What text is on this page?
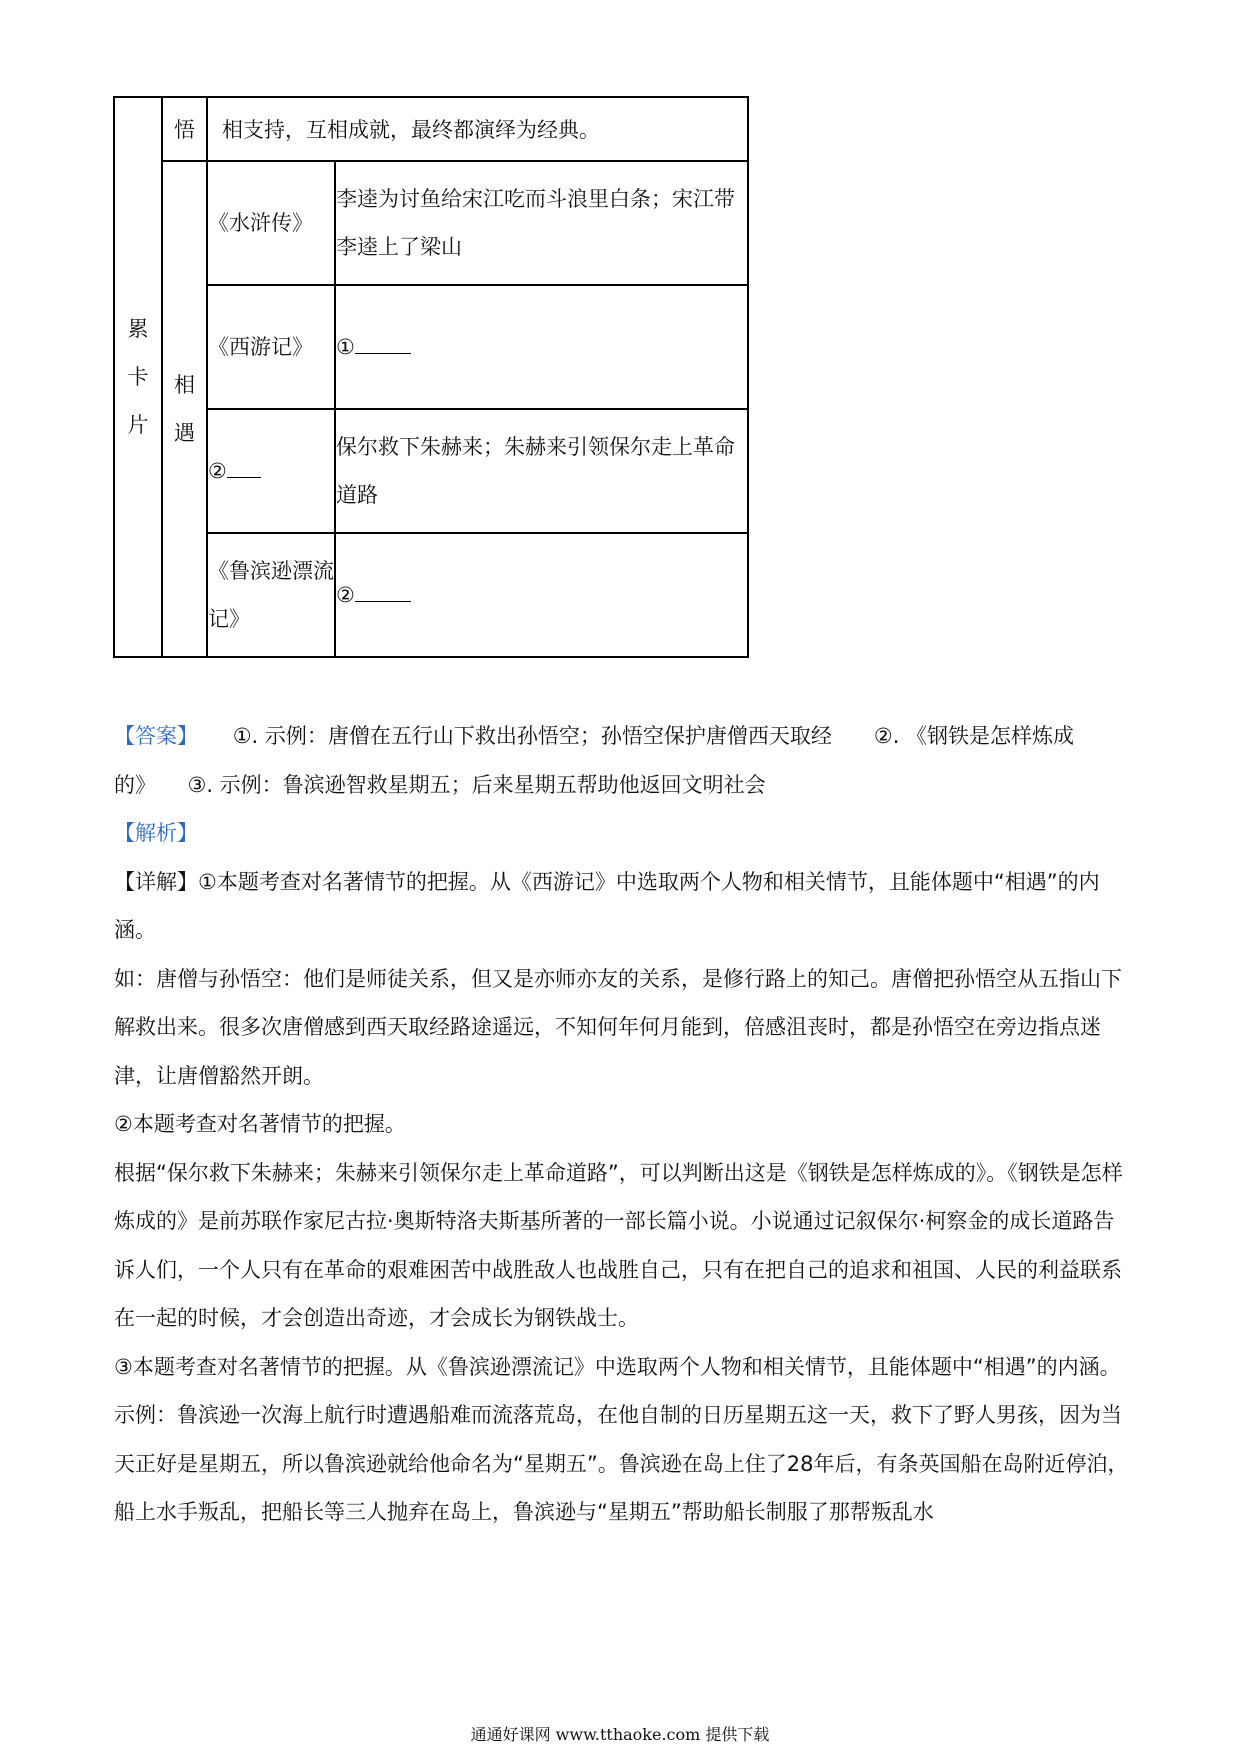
累卡片	悟	相支持，互相成就，最终都演绎为经典。	

	相遇	《水浒传》	李逵为讨鱼给宋江吃而斗浪里白条；宋江带李逵上了梁山
		《西游记》	①
		②	保尔救下朱赫来；朱赫来引领保尔走上革命道路
		《鲁滨逊漂流记》	②

【答案】 ①. 示例：唐僧在五行山下救出孙悟空；孙悟空保护唐僧西天取经　　②. 《钢铁是怎样炼成

的》　　③. 示例：鲁滨逊智救星期五；后来星期五帮助他返回文明社会

【解析】

【详解】①本题考查对名著情节的把握。从《西游记》中选取两个人物和相关情节，且能体题中“相遇”的内涵。

如：唐僧与孙悟空：他们是师徒关系，但又是亦师亦友的关系，是修行路上的知己。唐僧把孙悟空从五指山下解救出来。很多次唐僧感到西天取经路途遥远，不知何年何月能到，倍感沮丧时，都是孙悟空在旁边指点迷津，让唐僧豁然开朗。

②本题考查对名著情节的把握。

根据“保尔救下朱赫来；朱赫来引领保尔走上革命道路”，可以判断出这是《钢铁是怎样炼成的》。《钢铁是怎样炼成的》是前苏联作家尼古拉·奥斯特洛夫斯基所著的一部长篇小说。小说通过记叙保尔·柯察金的成长道路告诉人们，一个人只有在革命的艰难困苦中战胜敌人也战胜自己，只有在把自己的追求和祖国、人民的利益联系在一起的时候，才会创造出奇迹，才会成长为钢铁战士。

③本题考查对名著情节的把握。从《鲁滨逊漂流记》中选取两个人物和相关情节，且能体题中“相遇”的内涵。

示例：鲁滨逊一次海上航行时遭遇船难而流落荒岛，在他自制的日历星期五这一天，救下了野人男孩，因为当天正好是星期五，所以鲁滨逊就给他命名为“星期五”。鲁滨逊在岛上住了28年后，有条英国船在岛附近停泊，船上水手叛乱，把船长等三人抛弃在岛上，鲁滨逊与“星期五”帮助船长制服了那帮叛乱水

通通好课网 www.tthaoke.com 提供下载
